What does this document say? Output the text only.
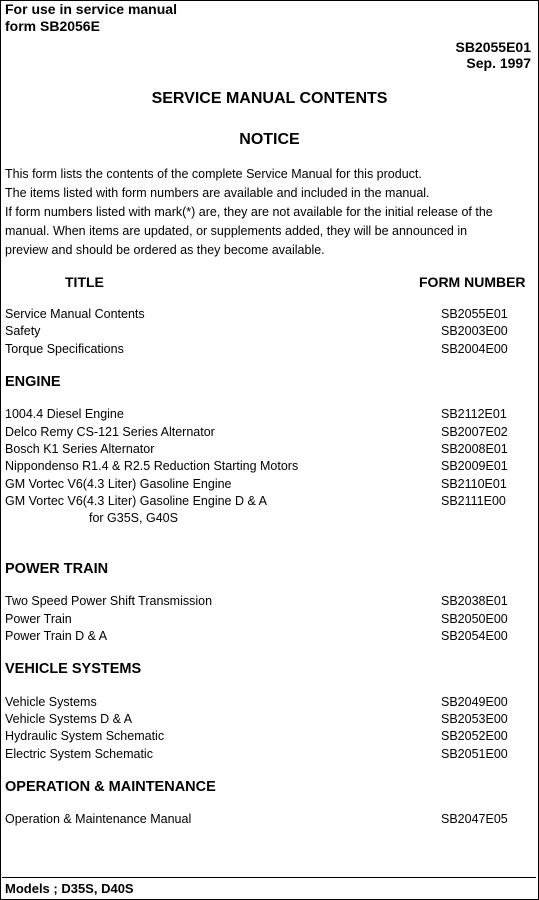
For use in service manual
form SB2056E
SB2055E01
Sep. 1997
SERVICE MANUAL CONTENTS
NOTICE
This form lists the contents of the complete Service Manual for this product.
The items listed with form numbers are available and included in the manual.
If form numbers listed with mark(*) are, they are not available for the initial release of the
manual. When items are updated, or supplements added, they will be announced in
preview and should be ordered as they become available.
TITLE	FORM NUMBER
Service Manual Contents	SB2055E01
Safety	SB2003E00
Torque Specifications	SB2004E00
ENGINE
1004.4 Diesel Engine	SB2112E01
Delco Remy CS-121 Series Alternator	SB2007E02
Bosch K1 Series Alternator	SB2008E01
Nippondenso R1.4 & R2.5 Reduction Starting Motors	SB2009E01
GM Vortec V6(4.3 Liter) Gasoline Engine	SB2110E01
GM Vortec V6(4.3 Liter) Gasoline Engine D & A	SB2111E00
for G35S, G40S
POWER TRAIN
Two Speed Power Shift Transmission	SB2038E01
Power Train	SB2050E00
Power Train D & A	SB2054E00
VEHICLE SYSTEMS
Vehicle Systems	SB2049E00
Vehicle Systems D & A	SB2053E00
Hydraulic System Schematic	SB2052E00
Electric System Schematic	SB2051E00
OPERATION & MAINTENANCE
Operation & Maintenance Manual	SB2047E05
Models ; D35S, D40S
